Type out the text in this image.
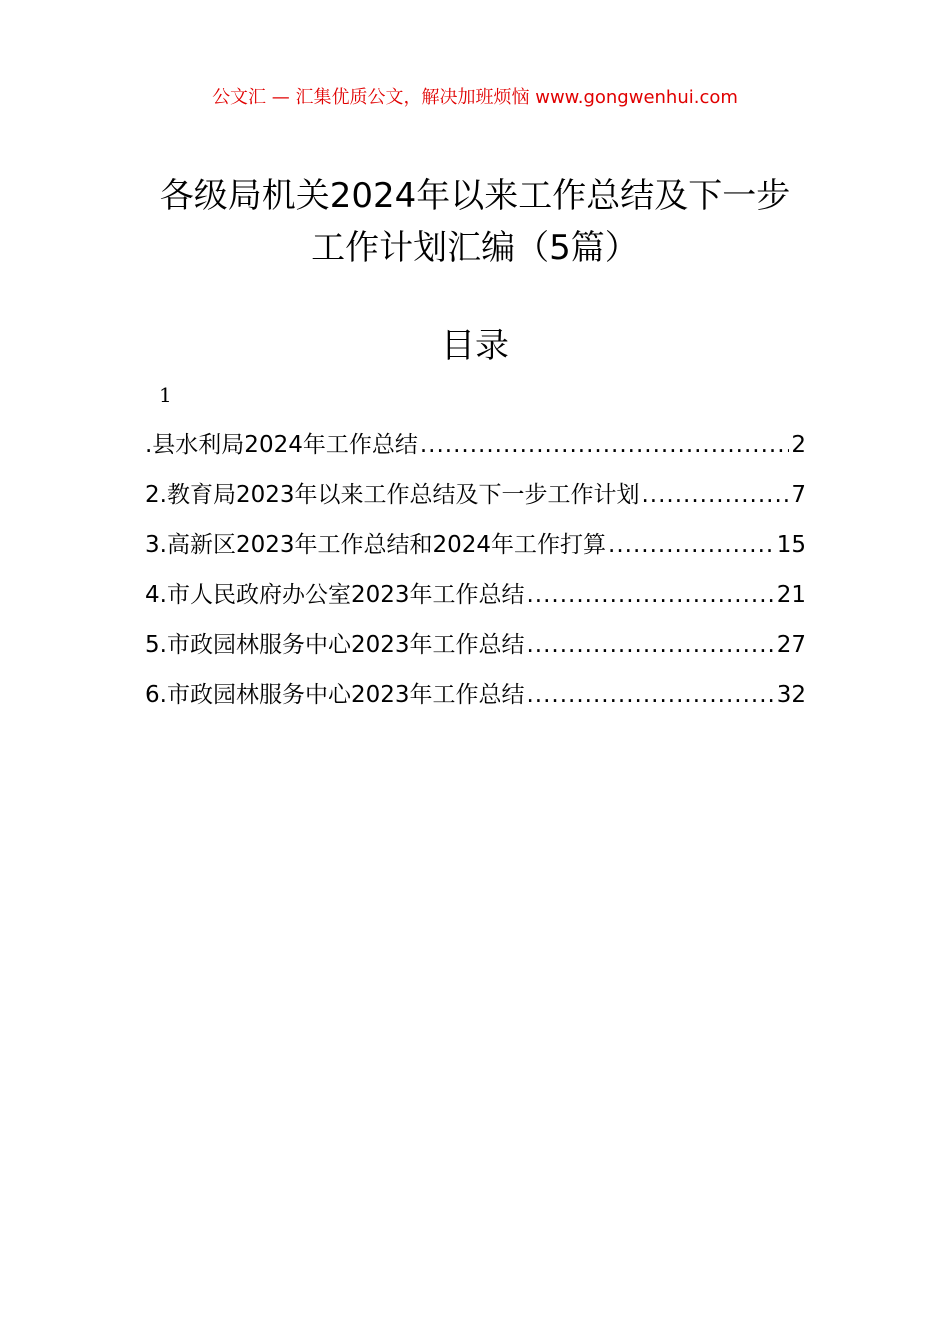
公文汇 — 汇集优质公文，解决加班烦恼 www.gongwenhui.com
各级局机关2024年以来工作总结及下一步
工作计划汇编（5篇）
目录
1
.县水利局2024年工作总结 .....	2
2.教育局2023年以来工作总结及下一步工作计划 .....	7
3.高新区2023年工作总结和2024年工作打算 .....	15
4.市人民政府办公室2023年工作总结 .....	21
5.市政园林服务中心2023年工作总结 .....	27
6.市政园林服务中心2023年工作总结 .....	32
